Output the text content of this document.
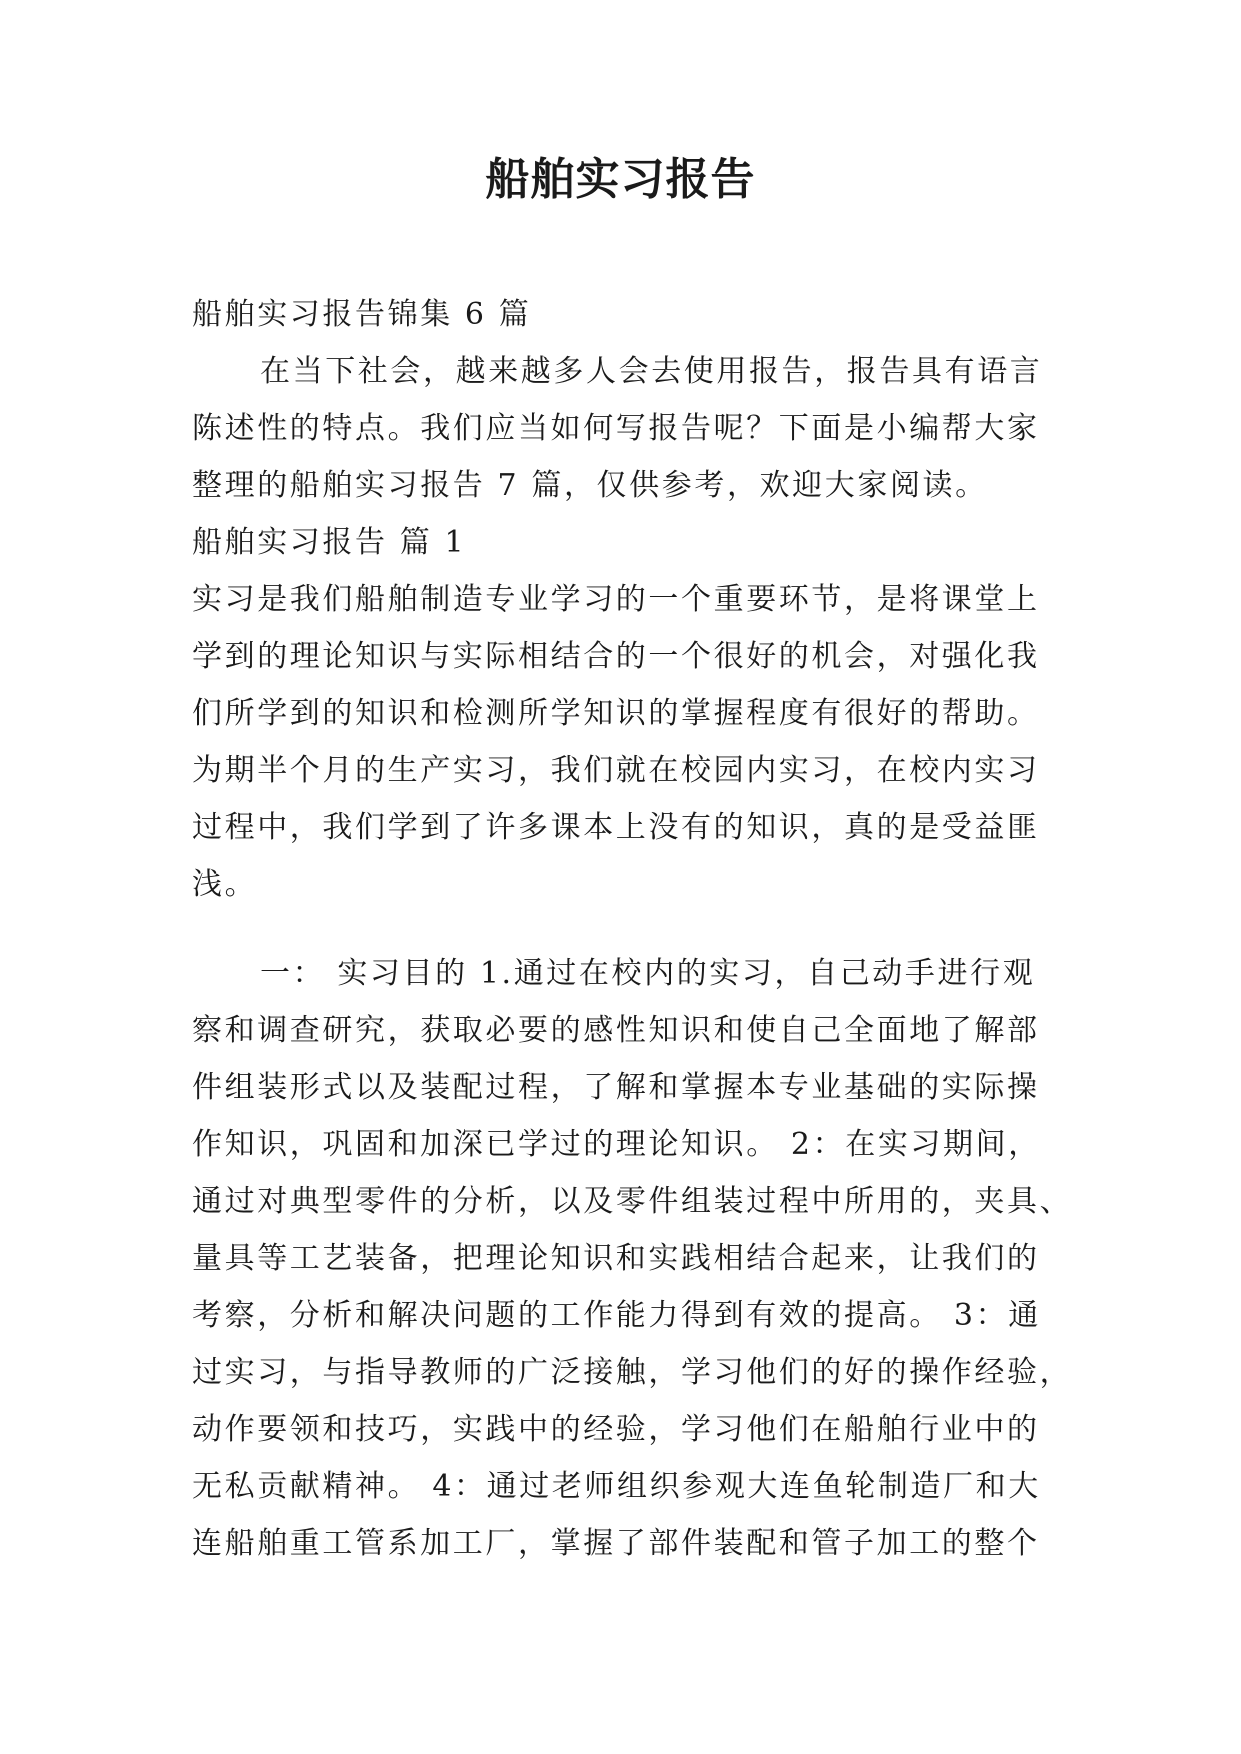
船舶实习报告
船舶实习报告锦集 6 篇
在当下社会，越来越多人会去使用报告，报告具有语言
陈述性的特点。我们应当如何写报告呢？下面是小编帮大家
整理的船舶实习报告 7 篇，仅供参考，欢迎大家阅读。
船舶实习报告 篇 1
实习是我们船舶制造专业学习的一个重要环节，是将课堂上
学到的理论知识与实际相结合的一个很好的机会，对强化我
们所学到的知识和检测所学知识的掌握程度有很好的帮助。
为期半个月的生产实习，我们就在校园内实习，在校内实习
过程中，我们学到了许多课本上没有的知识，真的是受益匪
浅。
一： 实习目的 1.通过在校内的实习，自己动手进行观
察和调查研究，获取必要的感性知识和使自己全面地了解部
件组装形式以及装配过程，了解和掌握本专业基础的实际操
作知识，巩固和加深已学过的理论知识。 2：在实习期间，
通过对典型零件的分析，以及零件组装过程中所用的，夹具、
量具等工艺装备，把理论知识和实践相结合起来，让我们的
考察，分析和解决问题的工作能力得到有效的提高。 3：通
过实习，与指导教师的广泛接触，学习他们的好的操作经验，
动作要领和技巧，实践中的经验，学习他们在船舶行业中的
无私贡献精神。 4：通过老师组织参观大连鱼轮制造厂和大
连船舶重工管系加工厂，掌握了部件装配和管子加工的整个
